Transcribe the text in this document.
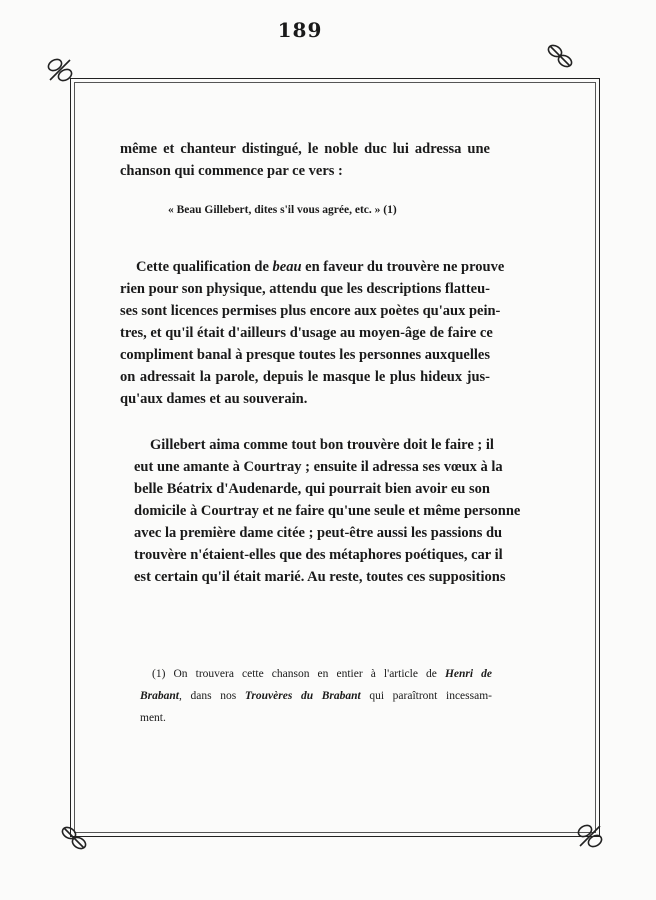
189
même et chanteur distingué, le noble duc lui adressa une
chanson qui commence par ce vers :
« Beau Gillebert, dites s'il vous agrée, etc. » (1)
Cette qualification de beau en faveur du trouvère ne prouve
rien pour son physique, attendu que les descriptions flatteu-
ses sont licences permises plus encore aux poètes qu'aux pein-
tres, et qu'il était d'ailleurs d'usage au moyen-âge de faire ce
compliment banal à presque toutes les personnes auxquelles
on adressait la parole, depuis le masque le plus hideux jus-
qu'aux dames et au souverain.
Gillebert aima comme tout bon trouvère doit le faire ; il
eut une amante à Courtray ; ensuite il adressa ses vœux à la
belle Béatrix d'Audenarde, qui pourrait bien avoir eu son
domicile à Courtray et ne faire qu'une seule et même personne
avec la première dame citée ; peut-être aussi les passions du
trouvère n'étaient-elles que des métaphores poétiques, car il
est certain qu'il était marié. Au reste, toutes ces suppositions
(1) On trouvera cette chanson en entier à l'article de Henri de
Brabant, dans nos Trouvères du Brabant qui paraîtront incessam-
ment.
